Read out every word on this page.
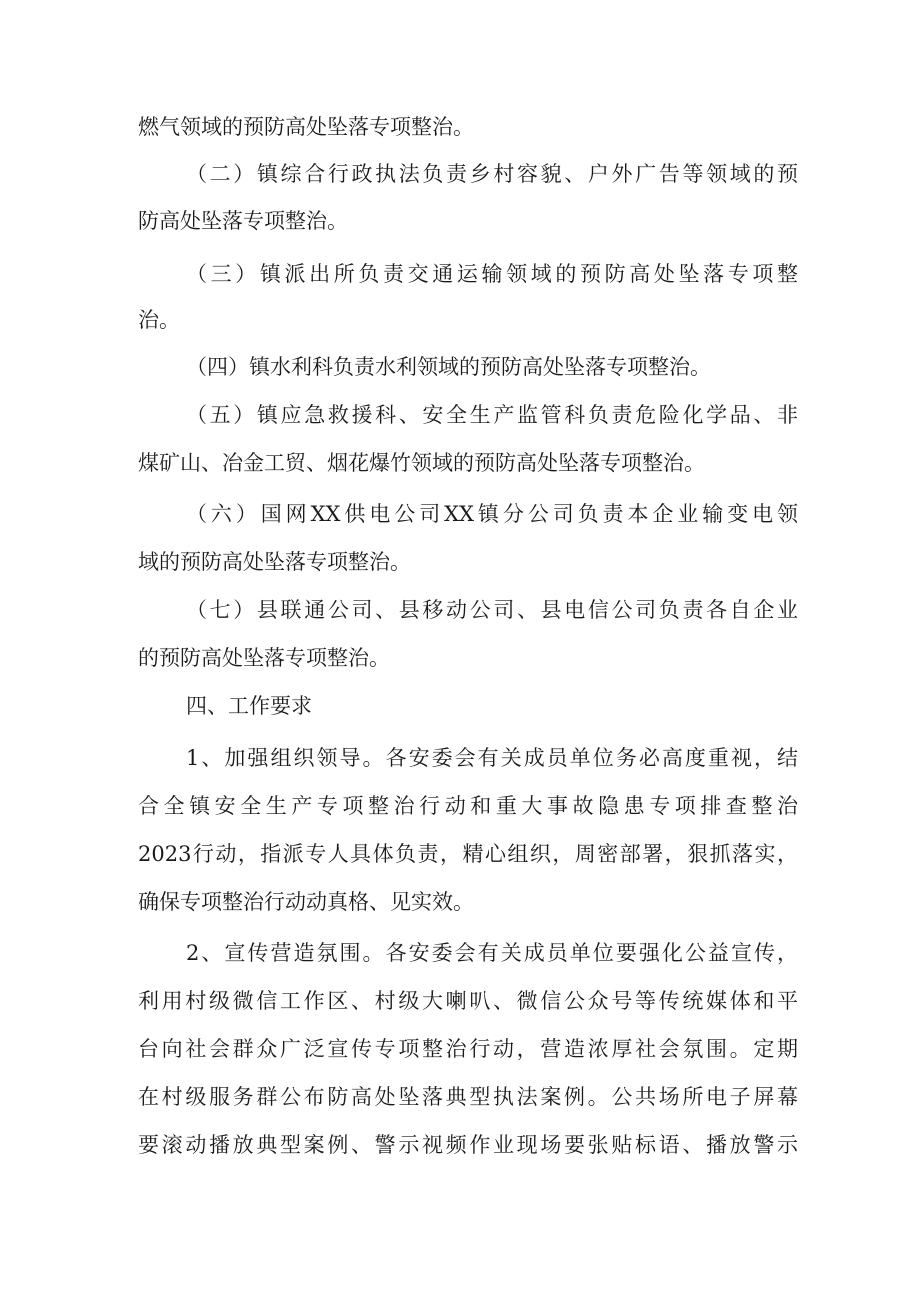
燃气领域的预防高处坠落专项整治。
（二）镇综合行政执法负责乡村容貌、户外广告等领域的预
防高处坠落专项整治。
（三）镇派出所负责交通运输领域的预防高处坠落专项整
治。
（四）镇水利科负责水利领域的预防高处坠落专项整治。
（五）镇应急救援科、安全生产监管科负责危险化学品、非
煤矿山、冶金工贸、烟花爆竹领域的预防高处坠落专项整治。
（六）国网XX供电公司XX镇分公司负责本企业输变电领
域的预防高处坠落专项整治。
（七）县联通公司、县移动公司、县电信公司负责各自企业
的预防高处坠落专项整治。
四、工作要求
1、加强组织领导。各安委会有关成员单位务必高度重视，结
合全镇安全生产专项整治行动和重大事故隐患专项排查整治
2023行动，指派专人具体负责，精心组织，周密部署，狠抓落实，
确保专项整治行动动真格、见实效。
2、宣传营造氛围。各安委会有关成员单位要强化公益宣传，
利用村级微信工作区、村级大喇叭、微信公众号等传统媒体和平
台向社会群众广泛宣传专项整治行动，营造浓厚社会氛围。定期
在村级服务群公布防高处坠落典型执法案例。公共场所电子屏幕
要滚动播放典型案例、警示视频作业现场要张贴标语、播放警示
